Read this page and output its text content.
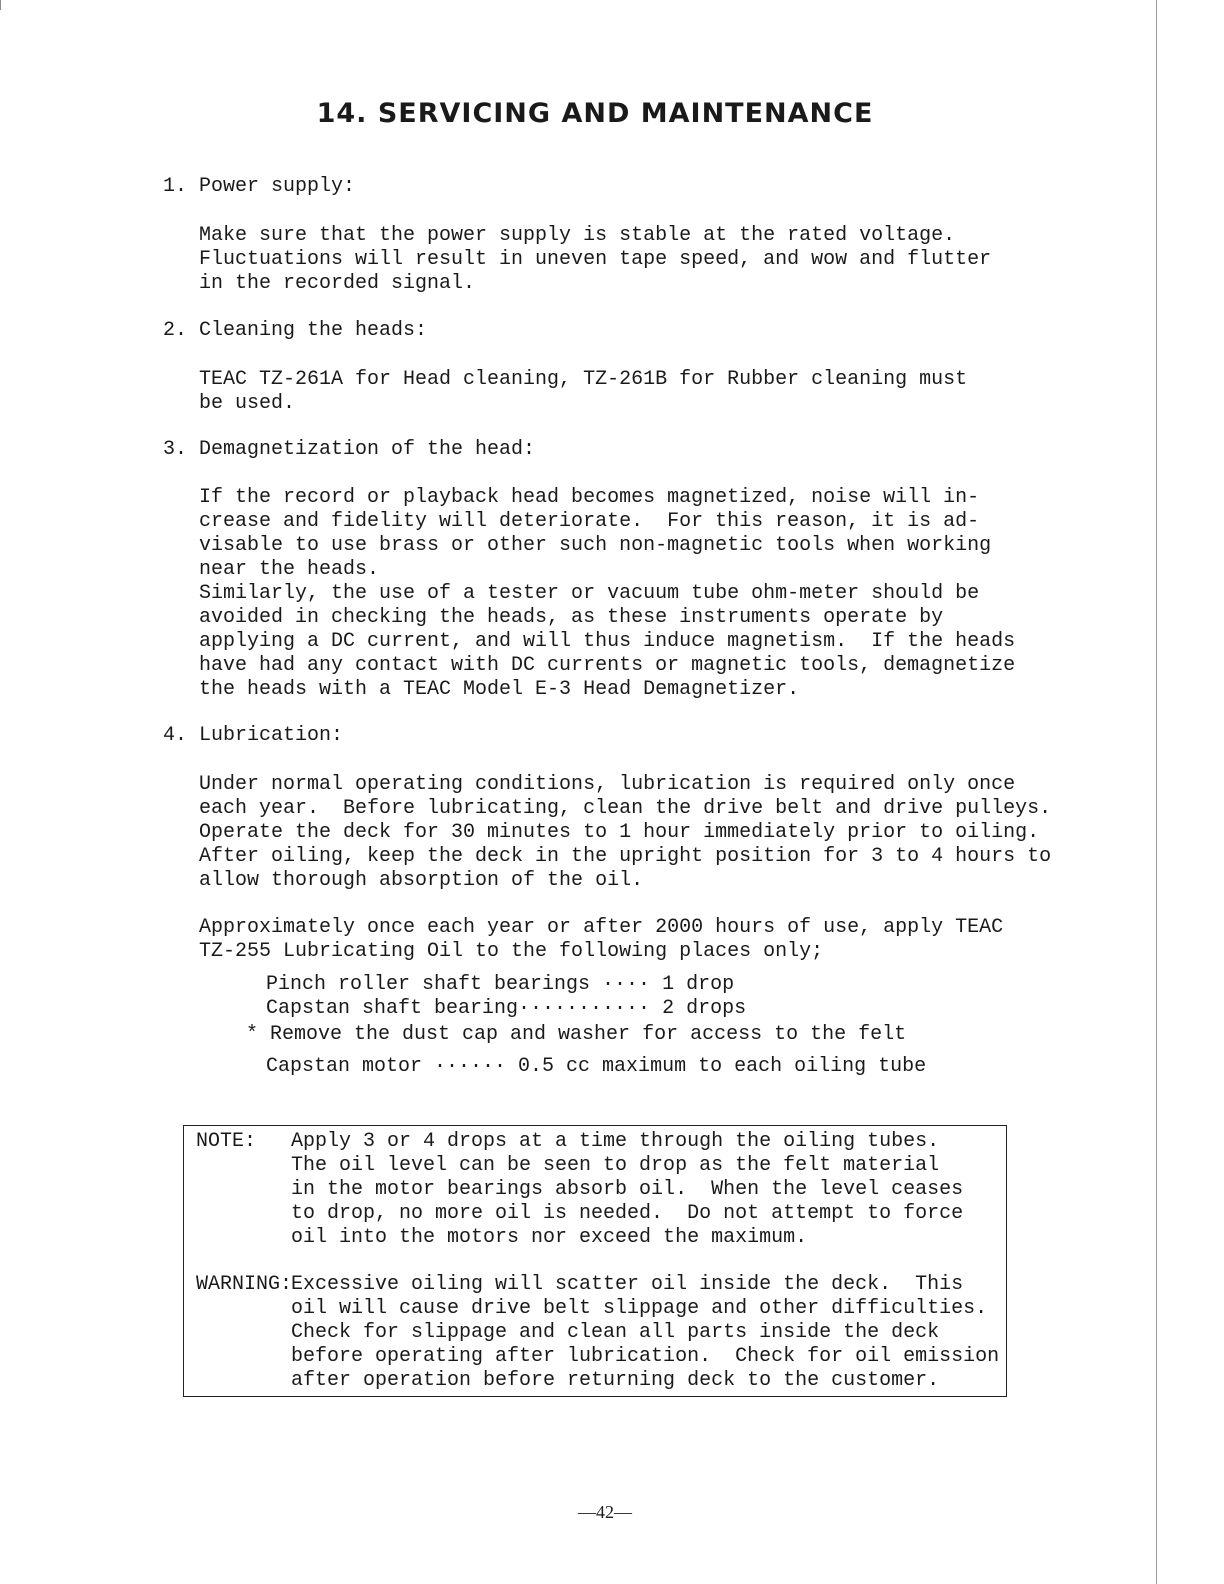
14. SERVICING AND MAINTENANCE
1. Power supply:
Make sure that the power supply is stable at the rated voltage.
Fluctuations will result in uneven tape speed, and wow and flutter
in the recorded signal.
2. Cleaning the heads:
TEAC TZ-261A for Head cleaning, TZ-261B for Rubber cleaning must
be used.
3. Demagnetization of the head:
If the record or playback head becomes magnetized, noise will in-
crease and fidelity will deteriorate.  For this reason, it is ad-
visable to use brass or other such non-magnetic tools when working
near the heads.
Similarly, the use of a tester or vacuum tube ohm-meter should be
avoided in checking the heads, as these instruments operate by
applying a DC current, and will thus induce magnetism.  If the heads
have had any contact with DC currents or magnetic tools, demagnetize
the heads with a TEAC Model E-3 Head Demagnetizer.
4. Lubrication:
Under normal operating conditions, lubrication is required only once
each year.  Before lubricating, clean the drive belt and drive pulleys.
Operate the deck for 30 minutes to 1 hour immediately prior to oiling.
After oiling, keep the deck in the upright position for 3 to 4 hours to
allow thorough absorption of the oil.
Approximately once each year or after 2000 hours of use, apply TEAC
TZ-255 Lubricating Oil to the following places only;
Pinch roller shaft bearings ···· 1 drop
Capstan shaft bearing··········· 2 drops
* Remove the dust cap and washer for access to the felt
Capstan motor ······ 0.5 cc maximum to each oiling tube
NOTE: Apply 3 or 4 drops at a time through the oiling tubes.
The oil level can be seen to drop as the felt material
in the motor bearings absorb oil.  When the level ceases
to drop, no more oil is needed.  Do not attempt to force
oil into the motors nor exceed the maximum.
WARNING:
Excessive oiling will scatter oil inside the deck.  This
oil will cause drive belt slippage and other difficulties.
Check for slippage and clean all parts inside the deck
before operating after lubrication.  Check for oil emission
after operation before returning deck to the customer.
—42—
